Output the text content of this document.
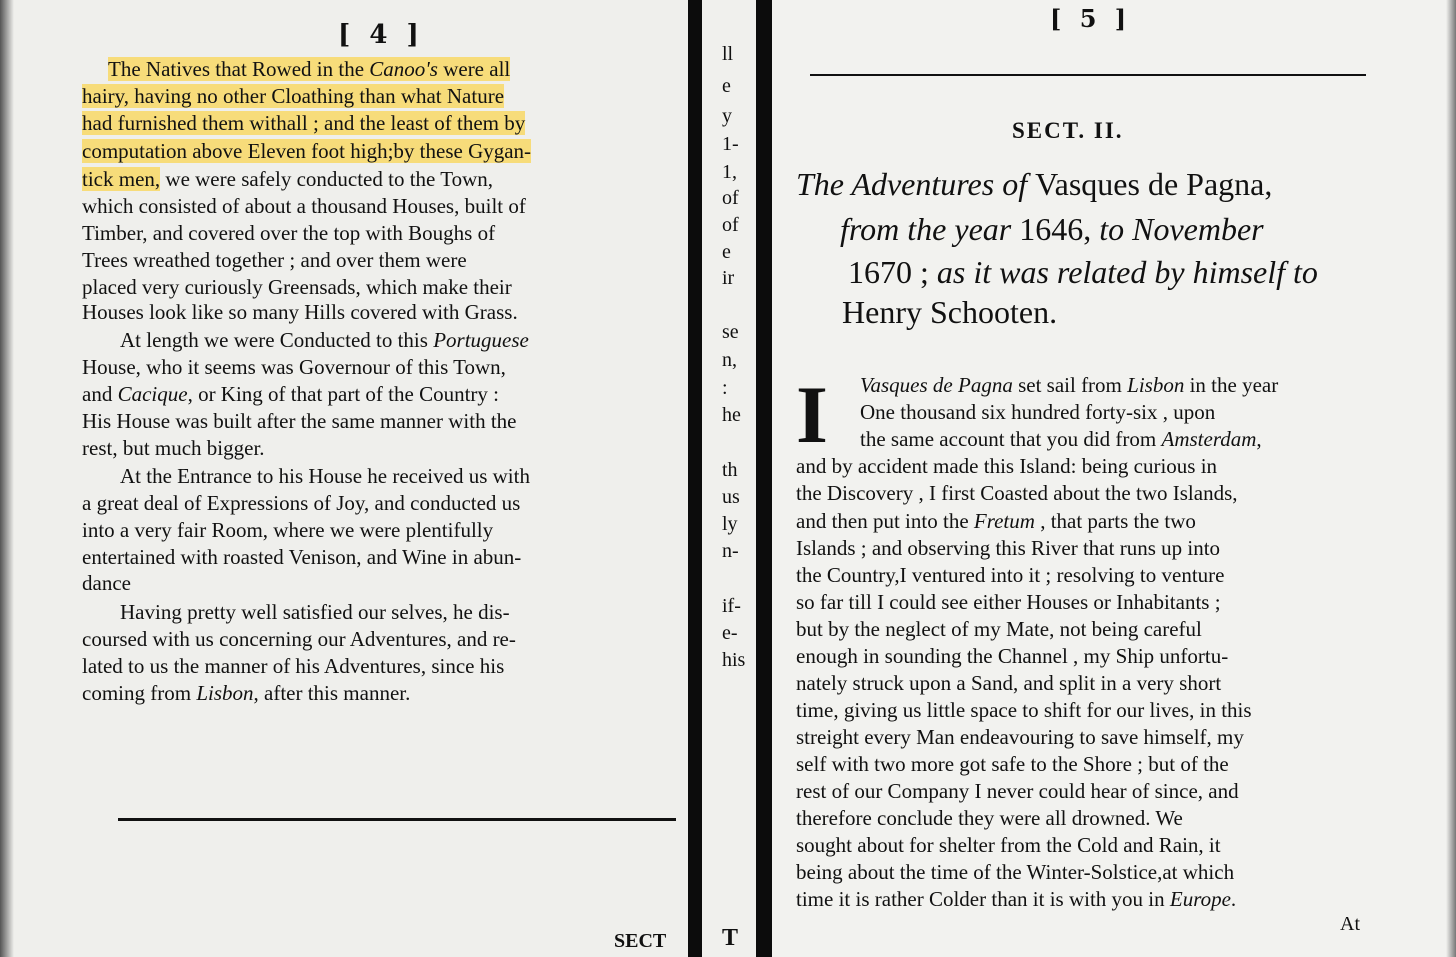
[ 4 ]
The Natives that Rowed in the Canoo's were all
hairy, having no other Cloathing than what Nature
had furnished them withall ; and the least of them by
computation above Eleven foot high;by these Gygan-
tick men, we were safely conducted to the Town,
which consisted of about a thousand Houses, built of
Timber, and covered over the top with Boughs of
Trees wreathed together ; and over them were
placed very curiously Greensads, which make their
Houses look like so many Hills covered with Grass.
At length we were Conducted to this Portuguese
House, who it seems was Governour of this Town,
and Cacique, or King of that part of the Country :
His House was built after the same manner with the
rest, but much bigger.
At the Entrance to his House he received us with
a great deal of Expressions of Joy, and conducted us
into a very fair Room, where we were plentifully
entertained with roasted Venison, and Wine in abun-
dance
Having pretty well satisfied our selves, he dis-
coursed with us concerning our Adventures, and re-
lated to us the manner of his Adventures, since his
coming from Lisbon, after this manner.
SECT
ll
e
y
1-
1,
of
of
e
ir
se
n,
:
he
th
us
ly
n-
if-
e-
his
T
[ 5 ]
SECT. II.
The Adventures of Vasques de Pagna,
from the year 1646, to November
1670 ; as it was related by himself to
Henry Schooten.
I Vasques de Pagna set sail from Lisbon in the year
One thousand six hundred forty-six , upon
the same account that you did from Amsterdam,
and by accident made this Island: being curious in
the Discovery , I first Coasted about the two Islands,
and then put into the Fretum , that parts the two
Islands ; and observing this River that runs up into
the Country,I ventured into it ; resolving to venture
so far till I could see either Houses or Inhabitants ;
but by the neglect of my Mate, not being careful
enough in sounding the Channel , my Ship unfortu-
nately struck upon a Sand, and split in a very short
time, giving us little space to shift for our lives, in this
streight every Man endeavouring to save himself, my
self with two more got safe to the Shore ; but of the
rest of our Company I never could hear of since, and
therefore conclude they were all drowned. We
sought about for shelter from the Cold and Rain, it
being about the time of the Winter-Solstice,at which
time it is rather Colder than it is with you in Europe.
At
